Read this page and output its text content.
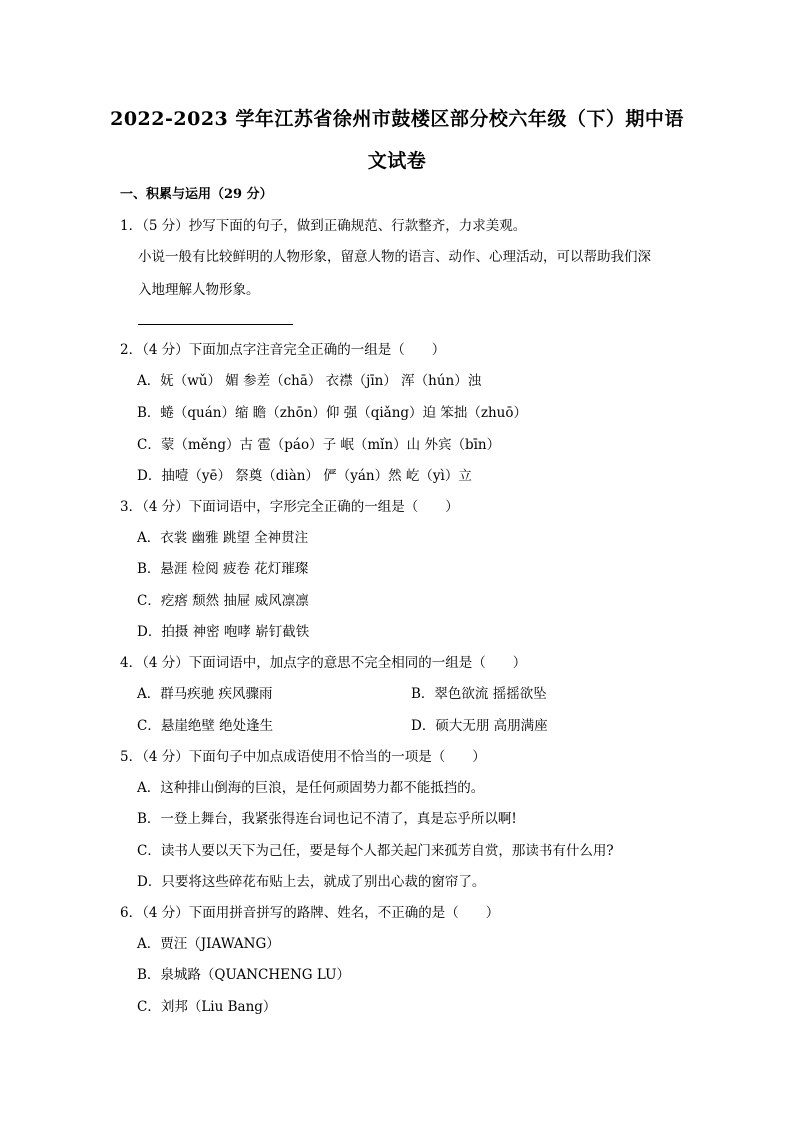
2022-2023 学年江苏省徐州市鼓楼区部分校六年级（下）期中语
文试卷
一、积累与运用（29 分）
1．（5 分）抄写下面的句子，做到正确规范、行款整齐，力求美观。
小说一般有比较鲜明的人物形象，留意人物的语言、动作、心理活动，可以帮助我们深
入地理解人物形象。
2．（4 分）下面加点字注音完全正确的一组是（　　）
A．妩（wǔ） 媚 参差（chā） 衣襟（jīn） 浑（hún）浊
B．蜷（quán）缩 瞻（zhōn）仰 强（qiǎng）迫 笨拙（zhuō）
C．蒙（měng）古 雹（páo）子 岷（mǐn）山 外宾（bīn）
D．抽噎（yē） 祭奠（diàn） 俨（yán）然 屹（yì）立
3．（4 分）下面词语中，字形完全正确的一组是（　　）
A．衣裳 幽雅 跳望 全神贯注
B．悬涯 检阅 疲卷 花灯璀璨
C．疙瘩 颓然 抽屉 威风凛凛
D．拍摄 神密 咆哮 崭钉截铁
4．（4 分）下面词语中，加点字的意思不完全相同的一组是（　　）
A．群马疾驰 疾风骤雨	B．翠色欲流 摇摇欲坠
C．悬崖绝壁 绝处逢生	D．硕大无朋 高朋满座
5．（4 分）下面句子中加点成语使用不恰当的一项是（　　）
A．这种排山倒海的巨浪，是任何顽固势力都不能抵挡的。
B．一登上舞台，我紧张得连台词也记不清了，真是忘乎所以啊!
C．读书人要以天下为己任，要是每个人都关起门来孤芳自赏，那读书有什么用?
D．只要将这些碎花布贴上去，就成了别出心裁的窗帘了。
6．（4 分）下面用拼音拼写的路牌、姓名，不正确的是（　　）
A．贾汪（JIAWANG）
B．泉城路（QUANCHENG LU）
C．刘邦（Liu Bang）
